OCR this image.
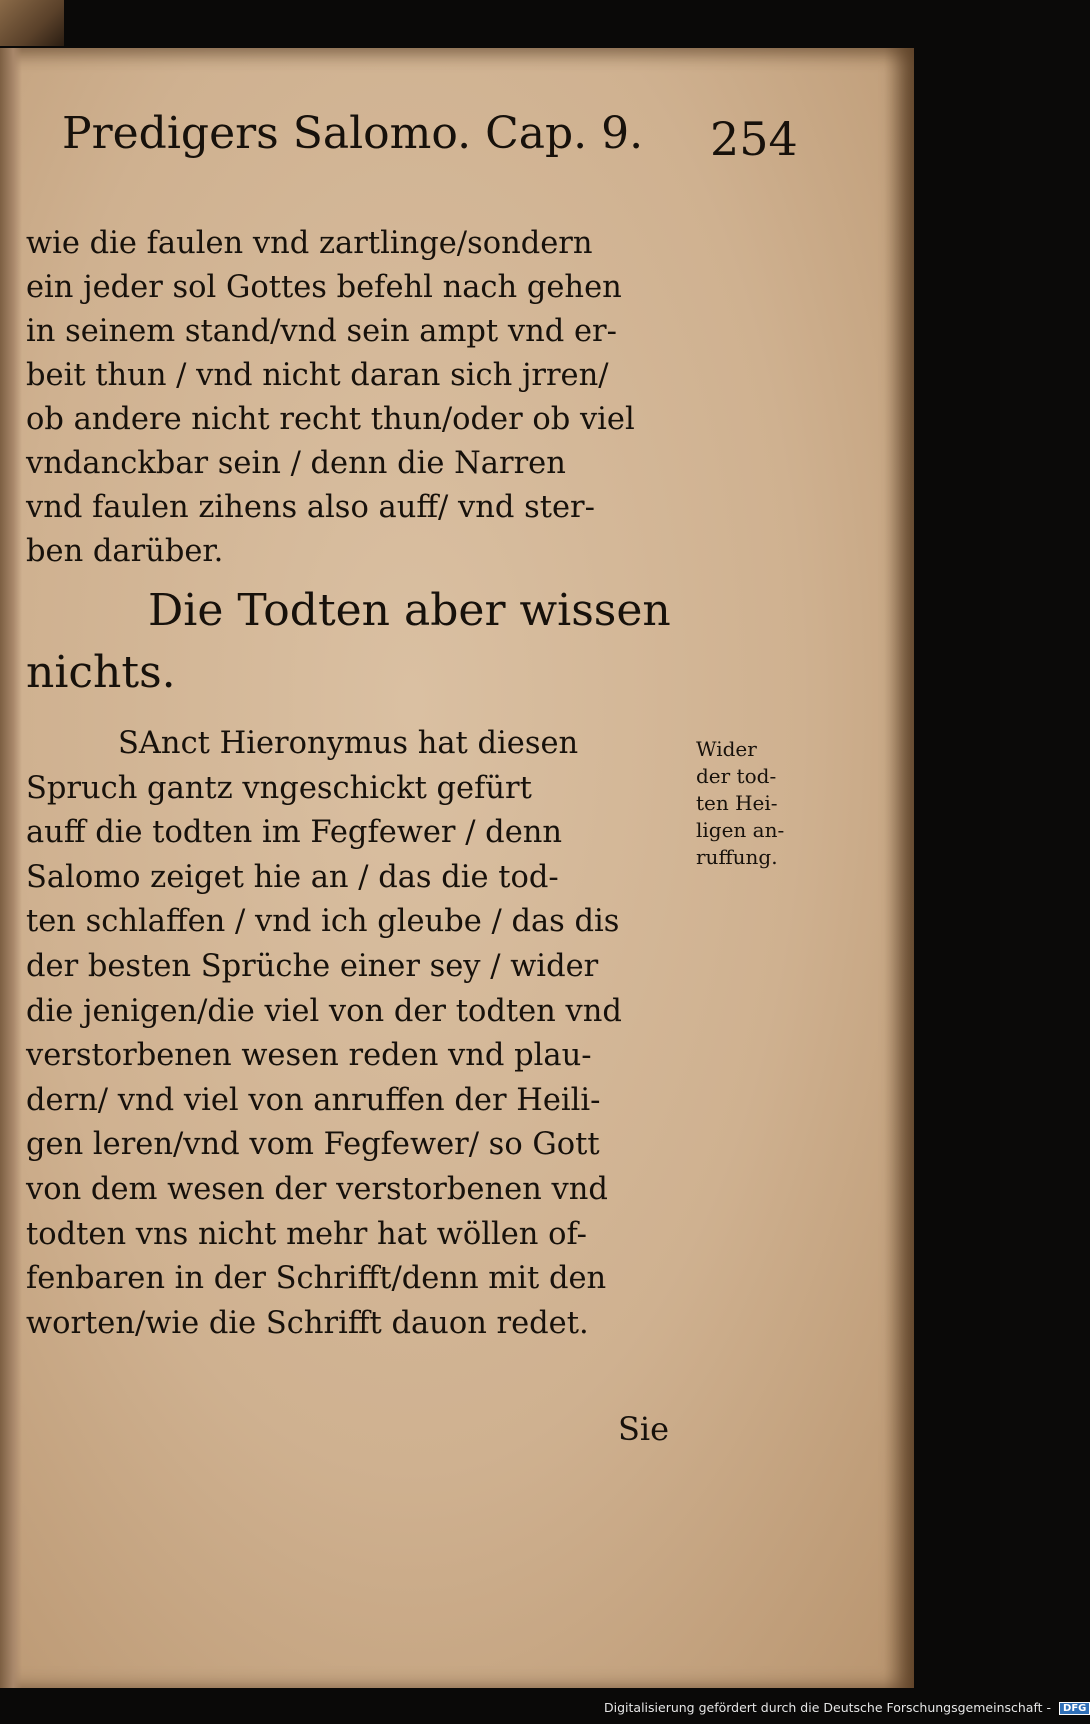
Predigers Salomo. Cap. 9. 254
wie die faulen vnd zartlinge/sondern
ein jeder sol Gottes befehl nach gehen
in seinem stand/vnd sein ampt vnd er-
beit thun / vnd nicht daran sich jrren/
ob andere nicht recht thun/oder ob viel
vndanckbar sein / denn die Narren
vnd faulen zihens also auff/ vnd ster-
ben darüber.
Die Todten aber wissen
nichts.
SAnct Hieronymus hat diesen
Spruch gantz vngeschickt gefürt
auff die todten im Fegfewer / denn
Salomo zeiget hie an / das die tod-
ten schlaffen / vnd ich gleube / das dis
der besten Sprüche einer sey / wider
die jenigen/die viel von der todten vnd
verstorbenen wesen reden vnd plau-
dern/ vnd viel von anruffen der Heili-
gen leren/vnd vom Fegfewer/ so Gott
von dem wesen der verstorbenen vnd
todten vns nicht mehr hat wöllen of-
fenbaren in der Schrifft/denn mit den
worten/wie die Schrifft dauon redet.
Wider
der tod-
ten Hei-
ligen an-
ruffung.
Sie
Digitalisierung gefördert durch die Deutsche Forschungsgemeinschaft - DFG
